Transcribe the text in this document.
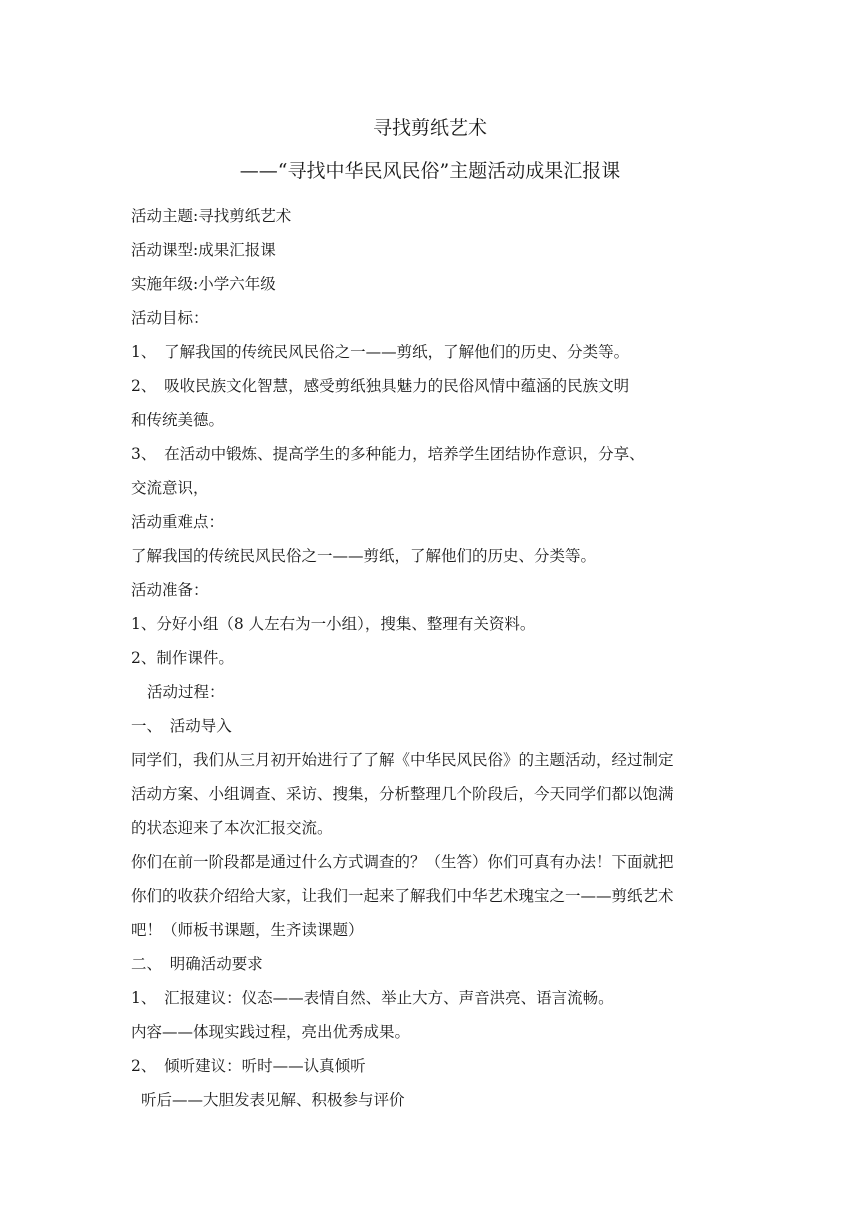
寻找剪纸艺术
——“寻找中华民风民俗”主题活动成果汇报课
活动主题:寻找剪纸艺术
活动课型:成果汇报课
实施年级:小学六年级
活动目标：
1、　了解我国的传统民风民俗之一——剪纸，了解他们的历史、分类等。
2、　吸收民族文化智慧，感受剪纸独具魅力的民俗风情中蕴涵的民族文明
和传统美德。
3、　在活动中锻炼、提高学生的多种能力，培养学生团结协作意识，分享、
交流意识，
活动重难点：
了解我国的传统民风民俗之一——剪纸，了解他们的历史、分类等。
活动准备：
1、分好小组（8 人左右为一小组），搜集、整理有关资料。
2、制作课件。
活动过程：
一、　活动导入
同学们，我们从三月初开始进行了了解《中华民风民俗》的主题活动，经过制定
活动方案、小组调查、采访、搜集，分析整理几个阶段后，今天同学们都以饱满
的状态迎来了本次汇报交流。
你们在前一阶段都是通过什么方式调查的？（生答）你们可真有办法！下面就把
你们的收获介绍给大家，让我们一起来了解我们中华艺术瑰宝之一——剪纸艺术
吧！（师板书课题，生齐读课题）
二、　明确活动要求
1、　汇报建议：仪态——表情自然、举止大方、声音洪亮、语言流畅。
内容——体现实践过程，亮出优秀成果。
2、　倾听建议：听时——认真倾听
听后——大胆发表见解、积极参与评价
